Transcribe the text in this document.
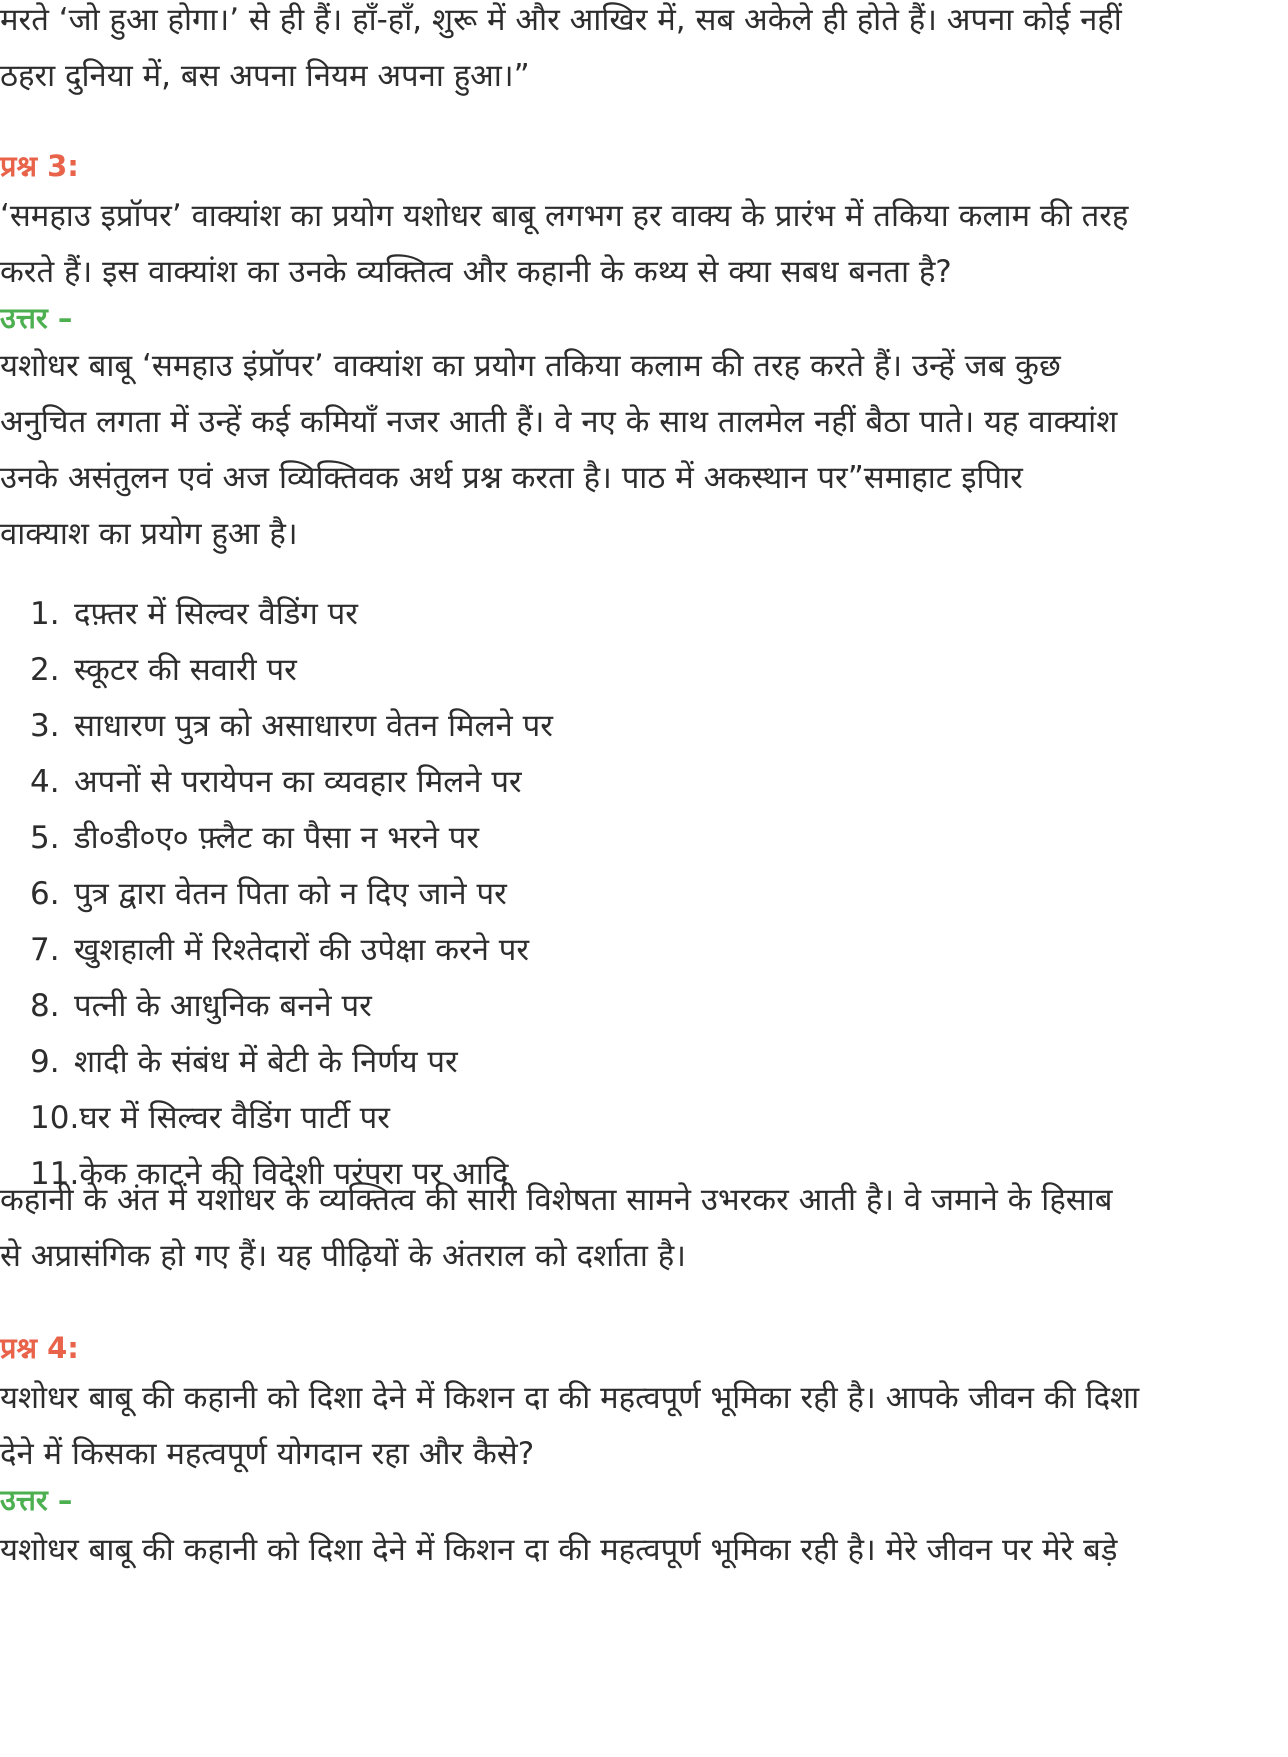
मरते ‘जो हुआ होगा।’ से ही हैं। हाँ-हाँ, शुरू में और आखिर में, सब अकेले ही होते हैं। अपना कोई नहीं

ठहरा दुनिया में, बस अपना नियम अपना हुआ।”

प्रश्न 3:

‘समहाउ इप्रॉपर’ वाक्यांश का प्रयोग यशोधर बाबू लगभग हर वाक्य के प्रारंभ में तकिया कलाम की तरह

करते हैं। इस वाक्यांश का उनके व्यक्तित्व और कहानी के कथ्य से क्या सबध बनता है?

उत्तर –

यशोधर बाबू ‘समहाउ इंप्रॉपर’ वाक्यांश का प्रयोग तकिया कलाम की तरह करते हैं। उन्हें जब कुछ

अनुचित लगता में उन्हें कई कमियाँ नजर आती हैं। वे नए के साथ तालमेल नहीं बैठा पाते। यह वाक्यांश

उनके असंतुलन एवं अज व्यिक्तिवक अर्थ प्रश्न करता है। पाठ में अकस्थान पर”समाहाट इपािर

वाक्याश का प्रयोग हुआ है।

1. दफ़्तर में सिल्वर वैडिंग पर
2. स्कूटर की सवारी पर
3. साधारण पुत्र को असाधारण वेतन मिलने पर
4. अपनों से परायेपन का व्यवहार मिलने पर
5. डी०डी०ए० फ़्लैट का पैसा न भरने पर
6. पुत्र द्वारा वेतन पिता को न दिए जाने पर
7. खुशहाली में रिश्तेदारों की उपेक्षा करने पर
8. पत्नी के आधुनिक बनने पर
9. शादी के संबंध में बेटी के निर्णय पर
10. घर में सिल्वर वैडिंग पार्टी पर
11. केक काटने की विदेशी परंपरा पर आदि

कहानी के अंत में यशोधर के व्यक्तित्व की सारी विशेषता सामने उभरकर आती है। वे जमाने के हिसाब

से अप्रासंगिक हो गए हैं। यह पीढ़ियों के अंतराल को दर्शाता है।

प्रश्न 4:

यशोधर बाबू की कहानी को दिशा देने में किशन दा की महत्वपूर्ण भूमिका रही है। आपके जीवन की दिशा

देने में किसका महत्वपूर्ण योगदान रहा और कैसे?

उत्तर –

यशोधर बाबू की कहानी को दिशा देने में किशन दा की महत्वपूर्ण भूमिका रही है। मेरे जीवन पर मेरे बड़े
